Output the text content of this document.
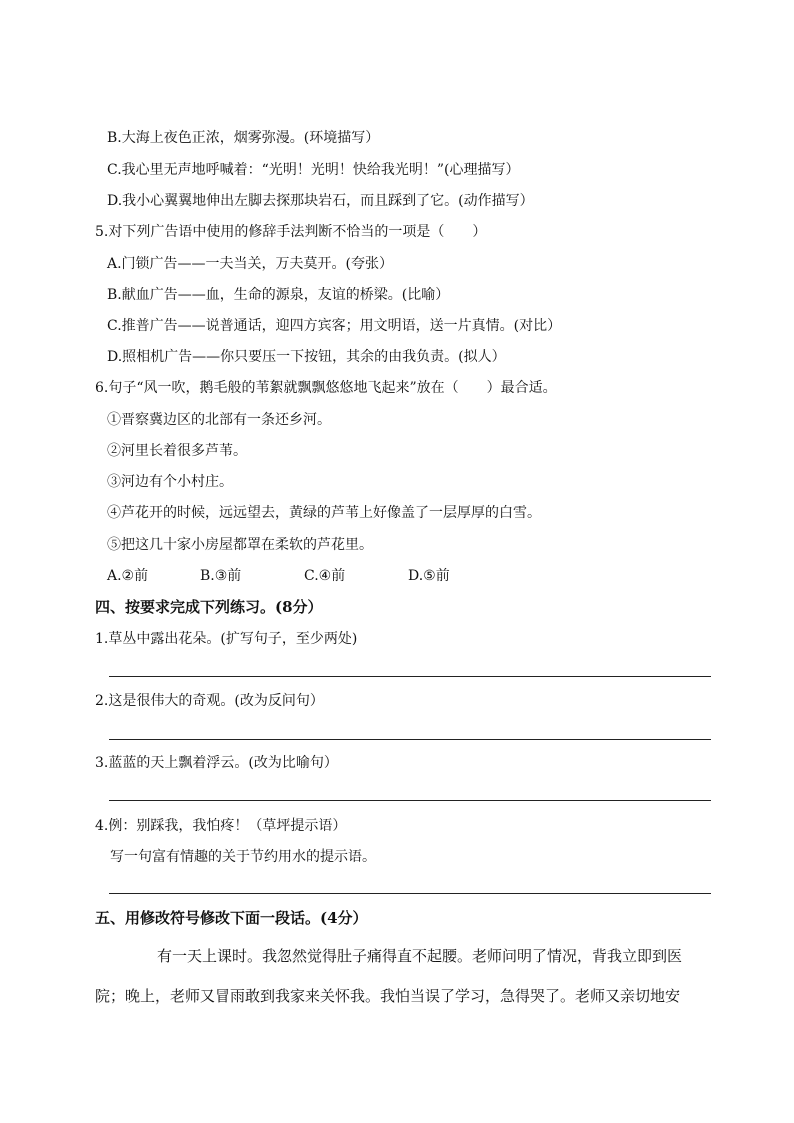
B.大海上夜色正浓，烟雾弥漫。(环境描写）
C.我心里无声地呼喊着：“光明！光明！快给我光明！”(心理描写）
D.我小心翼翼地伸出左脚去探那块岩石，而且踩到了它。(动作描写）
5.对下列广告语中使用的修辞手法判断不恰当的一项是（　　）
A.门锁广告——一夫当关，万夫莫开。(夸张）
B.献血广告——血，生命的源泉，友谊的桥梁。(比喻）
C.推普广告——说普通话，迎四方宾客；用文明语，送一片真情。(对比）
D.照相机广告——你只要压一下按钮，其余的由我负责。(拟人）
6.句子“风一吹，鹅毛般的苇絮就飘飘悠悠地飞起来”放在（　　）最合适。
①晋察冀边区的北部有一条还乡河。
②河里长着很多芦苇。
③河边有个小村庄。
④芦花开的时候，远远望去，黄绿的芦苇上好像盖了一层厚厚的白雪。
⑤把这几十家小房屋都罩在柔软的芦花里。
A.②前	B.③前	C.④前	D.⑤前
四、按要求完成下列练习。(8分）
1.草丛中露出花朵。(扩写句子，至少两处)
2.这是很伟大的奇观。(改为反问句）
3.蓝蓝的天上飘着浮云。(改为比喻句）
4.例：别踩我，我怕疼！（草坪提示语）
写一句富有情趣的关于节约用水的提示语。
五、用修改符号修改下面一段话。(4分）
有一天上课时。我忽然觉得肚子痛得直不起腰。老师问明了情况，背我立即到医
院；晚上，老师又冒雨敢到我家来关怀我。我怕当误了学习，急得哭了。老师又亲切地安
